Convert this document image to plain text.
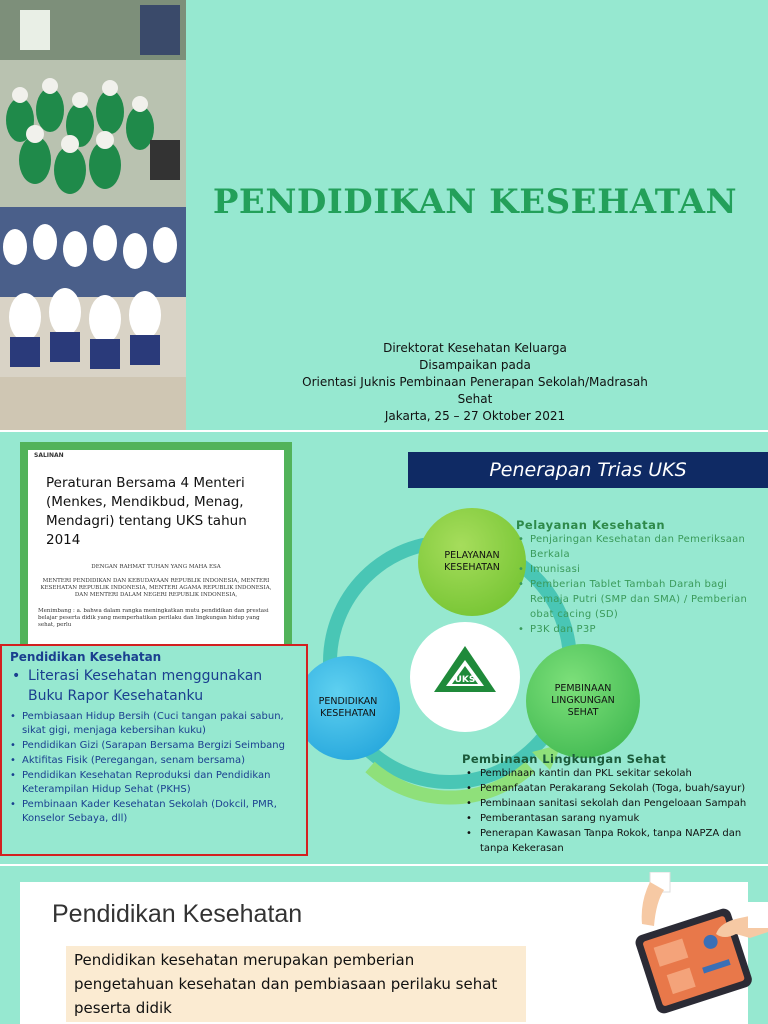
PENDIDIKAN KESEHATAN
Direktorat Kesehatan Keluarga
Disampaikan pada
Orientasi Juknis Pembinaan Penerapan Sekolah/Madrasah Sehat
Jakarta, 25 – 27 Oktober 2021
SALINAN
Peraturan Bersama 4 Menteri (Menkes, Mendikbud, Menag, Mendagri) tentang UKS tahun 2014
DENGAN RAHMAT TUHAN YANG MAHA ESA
MENTERI PENDIDIKAN DAN KEBUDAYAAN REPUBLIK INDONESIA, MENTERI KESEHATAN REPUBLIK INDONESIA, MENTERI AGAMA REPUBLIK INDONESIA, DAN MENTERI DALAM NEGERI REPUBLIK INDONESIA,
Menimbang : a. bahwa dalam rangka meningkatkan mutu pendidikan dan prestasi belajar peserta didik yang memperhatikan perilaku dan lingkungan hidup yang sehat, perlu
Penerapan Trias UKS
PELAYANAN KESEHATAN
PENDIDIKAN KESEHATAN
PEMBINAAN LINGKUNGAN SEHAT
UKS
Pelayanan Kesehatan
• Penjaringan Kesehatan dan Pemeriksaan Berkala
• Imunisasi
• Pemberian Tablet Tambah Darah bagi Remaja Putri (SMP dan SMA) / Pemberian obat cacing (SD)
• P3K dan P3P
Pendidikan Kesehatan
• Literasi Kesehatan menggunakan Buku Rapor Kesehatanku
• Pembiasaan Hidup Bersih (Cuci tangan pakai sabun, sikat gigi, menjaga kebersihan kuku)
• Pendidikan Gizi (Sarapan Bersama Bergizi Seimbang
• Aktifitas Fisik (Peregangan, senam bersama)
• Pendidikan Kesehatan Reproduksi dan Pendidikan Keterampilan Hidup Sehat (PKHS)
• Pembinaan Kader Kesehatan Sekolah (Dokcil, PMR, Konselor Sebaya, dll)
Pembinaan Lingkungan Sehat
• Pembinaan kantin dan PKL sekitar sekolah
• Pemanfaatan Perakarang Sekolah (Toga, buah/sayur)
• Pembinaan sanitasi sekolah dan Pengeloaan Sampah
• Pemberantasan sarang nyamuk
• Penerapan Kawasan Tanpa Rokok, tanpa NAPZA dan tanpa Kekerasan
Pendidikan Kesehatan
Pendidikan kesehatan merupakan pemberian pengetahuan kesehatan dan pembiasaan perilaku sehat peserta didik
